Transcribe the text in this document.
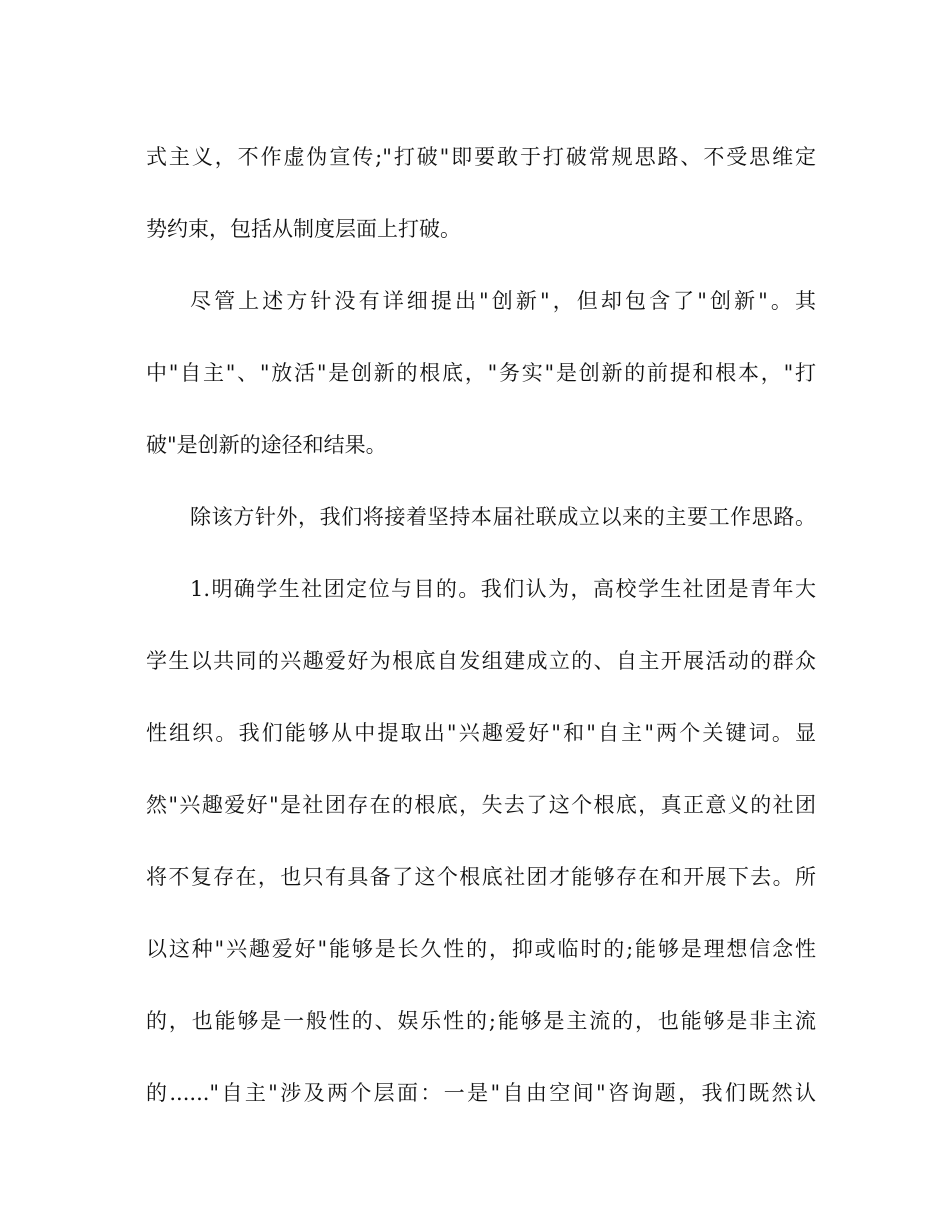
式主义，不作虚伪宣传;"打破"即要敢于打破常规思路、不受思维定
势约束，包括从制度层面上打破。
尽管上述方针没有详细提出"创新"，但却包含了"创新"。其
中"自主"、"放活"是创新的根底，"务实"是创新的前提和根本，"打
破"是创新的途径和结果。
除该方针外，我们将接着坚持本届社联成立以来的主要工作思路。
1.明确学生社团定位与目的。我们认为，高校学生社团是青年大
学生以共同的兴趣爱好为根底自发组建成立的、自主开展活动的群众
性组织。我们能够从中提取出"兴趣爱好"和"自主"两个关键词。显
然"兴趣爱好"是社团存在的根底，失去了这个根底，真正意义的社团
将不复存在，也只有具备了这个根底社团才能够存在和开展下去。所
以这种"兴趣爱好"能够是长久性的，抑或临时的;能够是理想信念性
的，也能够是一般性的、娱乐性的;能够是主流的，也能够是非主流
的......"自主"涉及两个层面：一是"自由空间"咨询题，我们既然认
